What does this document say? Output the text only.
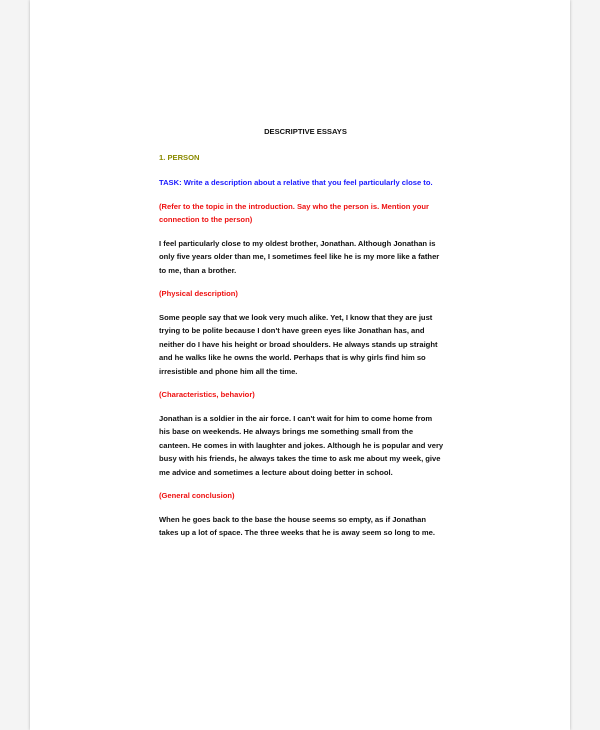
DESCRIPTIVE ESSAYS
1. PERSON
TASK: Write a description about a relative that you feel particularly close to.
(Refer to the topic in the introduction. Say who the person is. Mention your connection to the person)
I feel particularly close to my oldest brother, Jonathan. Although Jonathan is only five years older than me, I sometimes feel like he is my more like a father to me, than a brother.
(Physical description)
Some people say that we look very much alike. Yet, I know that they are just trying to be polite because I don't have green eyes like Jonathan has, and neither do I have his height or broad shoulders. He always stands up straight and he walks like he owns the world. Perhaps that is why girls find him so irresistible and phone him all the time.
(Characteristics, behavior)
Jonathan is a soldier in the air force. I can't wait for him to come home from his base on weekends. He always brings me something small from the canteen. He comes in with laughter and jokes. Although he is popular and very busy with his friends, he always takes the time to ask me about my week, give me advice and sometimes a lecture about doing better in school.
(General conclusion)
When he goes back to the base the house seems so empty, as if Jonathan takes up a lot of space. The three weeks that he is away seem so long to me.
